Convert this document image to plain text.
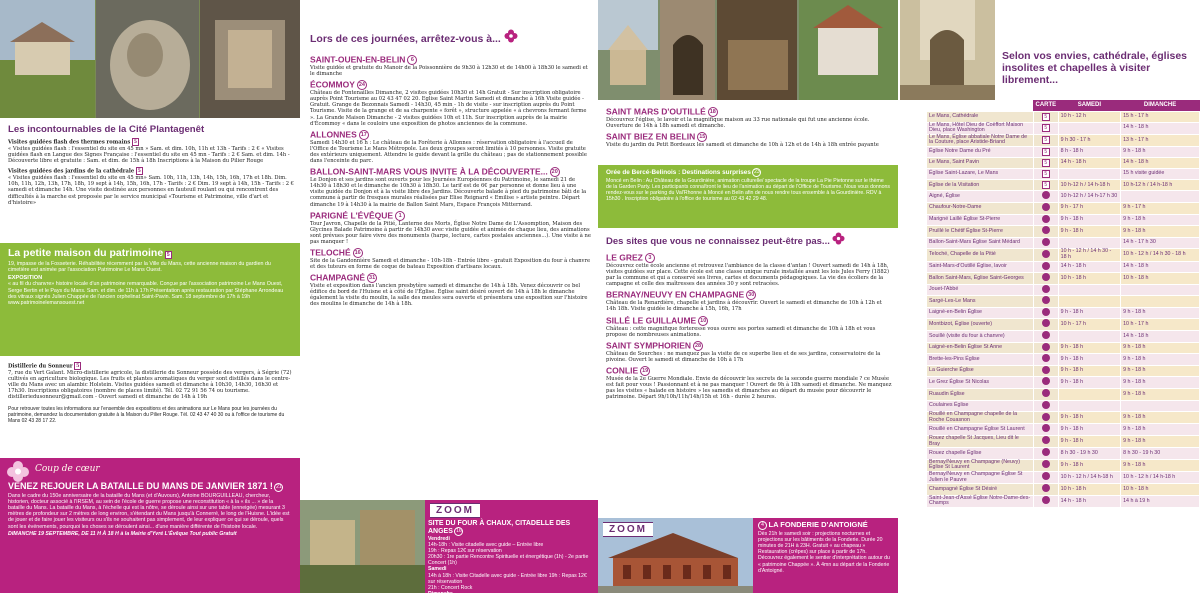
Les incontournables de la Cité Plantagenêt
Visites guidées flash des thermes romains 5
« Visites guidées flash : l'essentiel du site en 45 mn » Sam. et dim. 10h, 11h et 13h - Tarifs : 2 € « Visites guidées flash en Langue des Signes Française : l'essentiel du site en 45 mn - Tarifs : 2 € Sam. et dim. 14h - Découverte libre et gratuite : Sam. et dim. de 15h à 18h Inscriptions à la Maison du Pilier Rouge
Visites guidées des jardins de la cathédrale 5
« Visites guidées flash : l'essentiel du site en 45 mn» Sam. 10h, 11h, 13h, 14h, 15h, 16h, 17h et 18h. Dim. 10h, 11h, 12h, 13h, 17h, 18h, 19 sept à 14h, 15h, 16h, 17h - Tarifs : 2 € Dim. 19 sept à 14h, 15h - Tarifs : 2 € samedi et dimanche 14h. Une visite destinée aux personnes en fauteuil roulant ou qui rencontrent des difficultés à la marche est proposée par le service municipal «Tourisme et Patrimoine, ville d'art et d'histoire»
La petite maison du patrimoine 5
19, impasse de la Fosseterie. Réhabilitée récemment par la Ville du Mans, cette ancienne maison du gardien du cimetière est animée par l'association Patrimoine Le Mans Ouest.
EXPOSITION
« au fil du chanvre» histoire locale d'un patrimoine remarquable. Conçue par l'association patrimoine Le Mans Ouest, Serge Bertin et le Pays du Mans. Sam. et dim. de 11h à 17h Présentation après restauration par Stéphane Arrondeau des vitraux signés Julien Chappée de l'ancien orphelinat Saint-Pavin. Sam. 18 septembre de 17h à 19h www.patrimoinelemansouest.net
Distillerie du Sonneur 5
7, rue du Vert Galant. Micro-distillerie agricole, la distillerie du Sonneur possède des vergers, à Ségrie (72) cultivés en agriculture biologique. Les fruits et plantes aromatiques du verger sont distillés dans le centre-ville du Mans avec un alambic Holstein. Visites guidées samedi et dimanche à 10h30, 14h30, 16h30 et 17h30. Inscriptions obligatoires (nombre de places limité). Tél. 02 72 91 56 74 ou tourisme. distilleriedusonneur@gmail.com - Ouvert samedi et dimanche de 14h à 19h
Pour retrouver toutes les informations sur l'ensemble des expositions et des animations sur Le Mans pour les journées du patrimoine, demandez la documentation gratuite à la Maison du Pilier Rouge. Tél. 02 43 47 40 30 ou à l'office de tourisme du Mans 02 43 28 17 22.
Coup de cœur
VENEZ REJOUER LA BATAILLE DU MANS DE JANVIER 1871 ! 21
Dans le cadre du 150e anniversaire de la bataille du Mans (et d'Auvours), Antoine BOURGUILLEAU, chercheur, historien, docteur associé à l'IRSEM, au sein de l'école de guerre propose une reconstitution « à la « ils ... » de la bataille du Mans. La bataille du Mans, à l'échelle qui est la nôtre, se déroule ainsi sur une table (enneigée) mesurant 3 mètres de profondeur sur 2 mètres de long environ, s'étendant du Mans jusqu'à Connerré, le long de l'Huisne. L'idée est de jouer et de faire jouer les visiteurs ou s'ils ne souhaitent pas simplement, de leur expliquer ce qui se déroule, quels sont les événements, pourquoi les choses se déroulent ainsi... d'une manière différente de l'histoire locale.
DIMANCHE 19 SEPTEMBRE, DE 11 H À 18 H à la Mairie d'Yvré L'Évêque Tout public Gratuit
Lors de ces journées, arrêtez-vous à...
SAINT-OUEN-EN-BELIN 6
Visite guidée et gratuite du Manoir de la Poissonnière de 9h30 à 12h30 et de 14h00 à 18h30 le samedi et le dimanche
ÉCOMMOY 24
Château de Fontenailles Dimanche, 2 visites guidées 10h30 et 14h Gratuit - Sur inscription obligatoire auprès Point Tourisme au 02 43 47 02 20. Eglise Saint Martin Samedi et dimanche à 16h Visite guidée - Gratuit. Grange de Bezonnais Samedi - 14h30, 45 min - 1h de visite - sur inscription auprès du Point Tourisme. Visite de la grange et de sa charpente « forêt », structure appelée « à chevrons fermant ferme ». La Grande Maison Dimanche - 2 visites guidées 10h et 11h. Sur inscription auprès de la mairie d'Écommoy « dans le couloirs une exposition de photos anciennes de la commune.
ALLONNES 17
Samedi 14h30 et 16 h : Le château de la Forêterie à Allonnes : réservation obligatoire à l'accueil de l'Office de Tourisme Le Mans Métropole. Les deux groupes seront limités à 10 personnes. Visite gratuite des extérieurs uniquement. Attendre le guide devant la grille du château ; pas de stationnement possible dans l'enceinte du parc.
BALLON-SAINT-MARS VOUS INVITE À LA DÉCOUVERTE... 20
Le Donjon et ses jardins sont ouverts pour les Journées Européennes du Patrimoine, le samedi 21 de 14h30 à 18h30 et le dimanche de 10h30 à 18h30. Le tarif est de 6€ par personne et donne lieu à une visite guidée du Donjon et à la visite libre des Jardins. Découverte balade à pied du patrimoine bâti de la commune à partir de fresques murales réalisées par Elise Reignard « Emilise » artiste peintre. Départ dimanche 19 à 14h30 à la mairie de Ballon Saint Mars, Espace François Mitterrand.
PARIGNÉ L'ÉVÊQUE 1
Tour Javron, Chapelle de la Pitié, Lanterne des Morts, Église Notre Dame de L'Assomption, Maison des Glycines Balade Patrimoine à partir de 14h30 avec visite guidée et animée de chaque lieu, des animations sont prévues pour faire vivre des monuments (harpe, lecture, cartes postales anciennes...). Une visite à ne pas manquer !
TELOCHÉ 16
Site de la Gandonnière Samedi et dimanche - 10h-18h - Entrée libre - gratuit Exposition du four à chanvre et des tuteurs en forme de coque de bateau Exposition d'artisans locaux.
CHAMPAGNÉ 31
Visite et exposition dans l'ancien presbytère samedi et dimanche de 14h à 18h. Venez découvrir ce bel édifice du bord de l'Huisne et à côté de l'Église. Église saint désiré ouvert de 14h à 18h le dimanche également la visite du moulin, la salle des meules sera ouverte et présentera une exposition sur l'histoire des moulins le dimanche de 14h à 18h.
ZOOM
SITE DU FOUR À CHAUX, CITADELLE DES ANGES 16
Vendredi
14h-18h : Visite citadelle avec guide – Entrée libre
19h : Repas 12€ sur réservation
20h30 : 1re partie Rencontre Spirituelle et énergétique (1h) - 2e partie Concert (1h)
Samedi
14h à 18h : Visite Citadelle avec guide - Entrée libre 19h : Repas 12€ sur réservation
21h : Concert Rock
Dimanche
14h à 18h : Visite Citadelle avec guide - Entrée libre 19h : Repas 12€ sur réservation
20h30 : Rencontre Spirituelle et énergétique - 1h
SAINT MARS D'OUTILLÉ 18
Découvrez l'église, le lavoir et la magnifique maison au 33 rue nationale qui fut une ancienne école. Ouverture de 14h à 18h samedi et dimanche.
SAINT BIEZ EN BELIN 15
Visite du jardin du Petit Bordeaux les samedi et dimanche de 10h à 12h et de 14h à 18h entrée payante
Orée de Bercé-Belinois : Destinations surprises 23
Moncé en Belin : Au Château de la Gourdinière, animation culturelle/ spectacle de la troupe La Pie Pietonne sur le thème de la Garden Party. Les participants connaîtront le lieu de l'animation au départ de l'Office de Tourisme. Nous vous donnons rendez-vous sur le parking du Val'Rhonne à Moncé en Belin afin de nous rendre tous ensemble à la Gourdinière. RDV à 15h30 . Inscription obligatoire à l'office de tourisme au 02 43 42 29 48.
Des sites que vous ne connaissez peut-être pas...
LE GREZ 3
Découvrez cette école ancienne et retrouvez l'ambiance de la classe d'antan ! Ouvert samedi de 14h à 18h, visites guidées sur place. Cette école est une classe unique rurale installée avant les lois Jules Ferry (1882) par la commune et qui a conservé ses livres, cartes et documents pédagogiques. La vie des écoliers de la campagne et celle des maîtresses des années 30 y sont retracées.
BERNAY/NEUVY EN CHAMPAGNE 30
Château de la Renardière, chapelle et jardins à découvrir. Ouvert le samedi et dimanche de 10h à 12h et 14h 18h. Visite guidée le dimanche à 15h, 16h, 17h
SILLÉ LE GUILLAUME 10
Château : cette magnifique forteresse vous ouvre ses portes samedi et dimanche de 10h à 18h et vous propose de nombreuses animations.
SAINT SYMPHORIEN 28
Château de Sourches : ne manquez pas la visite de ce superbe lieu et de ses jardins, conservatoire de la pivoine. Ouvert le samedi et dimanche de 10h à 17h
CONLIE 19
Musée de la 2e Guerre Mondiale. Envie de découvrir les secrets de la seconde guerre mondiale ? ce Musée est fait pour vous ! Passionnant et à ne pas manquer ! Ouvert de 9h à 18h samedi et dimanche. Ne manquez pas les visites « balade en histoire » les samedis et dimanches au départ du musée pour découvrir le patrimoine. Départ 9h/10h/11h/14h/15h et 16h - durée 2 heures.
ZOOM	4 LA FONDERIE D'ANTOIGNÉ
Dès 21h le samedi soir : projections nocturnes et projections sur les bâtiments de la Fonderie. Durée 20 minutes de 21H à 23H. Gratuit « au chapeau » Restauration (crêpes) sur place à partir de 17h. Découvrez également le sentier d'interprétation autour du « patrimoine Chappée ». À 4mn au départ de la Fonderie d'Antoigné.
Selon vos envies, cathédrale, églises insolites et chapelles à visiter librement...
	CARTE	SAMEDI	DIMANCHE
Le Mans, Cathédrale	5	10 h - 12 h	15 h - 17 h
Le Mans, Hôtel Dieu de Coëffort Maison Dieu, place Washington	5		14 h - 18 h
Le Mans, Église abbatiale Notre Dame de la Couture, place Aristide-Briand	5	9 h 30 - 17 h	13 h - 17 h
Église Notre Dame du Pré	5	8 h - 18 h	9 h - 18 h
Le Mans, Saint Pavin	5	14 h - 18 h	14 h - 18 h
Église Saint-Lazare, Le Mans	5		15 h visite guidée
Église de la Visitation	5	10 h-12 h / 14 h-18 h	10 h-12 h / 14 h-18 h
Aigné, Église		10 h-12 h / 14 h-17 h 30	
Chaufour-Notre-Dame		9 h - 17 h	9 h - 17 h
Marigné Laillé Église St-Pierre		9 h - 18 h	9 h - 18 h
Pruillé le Chétif Église St-Pierre		9 h - 18 h	9 h - 18 h
Ballon-Saint-Mars Église Saint Médard			14 h - 17 h 30
Teloché, Chapelle de la Pitié		10 h - 12 h / 14 h 30 - 18 h	10 h - 12 h / 14 h 30 - 18 h
Saint-Mars-d'Outillé Église, lavoir		14 h - 18 h	14 h - 18 h
Ballon Saint-Mars, Église Saint-Georges		10 h - 18 h	10 h - 18 h
Jouet-l'Abbé			
Sargé-Les-Le Mans			
Laigné-en-Belin Église		9 h - 18 h	9 h - 18 h
Montbizot, Église (ouverte)		10 h - 17 h	10 h - 17 h
Souillé (visite du four à chanvre)			14 h - 18 h
Laigné-en-Belin Église St Anne		9 h - 18 h	9 h - 18 h
Brette-les-Pins Église		9 h - 18 h	9 h - 18 h
La Guierche Église		9 h - 18 h	9 h - 18 h
Le Grez Église St Nicolas		9 h - 18 h	9 h - 18 h
Ruaudin Église			9 h - 18 h
Coulaines Église			
Rouillé en Champagne chapelle de la Roche Couasnon		9 h - 18 h	9 h - 18 h
Rouillé en Champagne Église St Laurent		9 h - 18 h	9 h - 18 h
Rouez chapelle St Jacques, Lieu dit le Bray		9 h - 18 h	9 h - 18 h
Rouez chapelle Église		8 h 30 - 19 h 30	8 h 30 - 19 h 30
Bernay/Neuvy en Champagne (Neuvy) Église St Laurent		9 h - 18 h	9 h - 18 h
Bernay/Neuvy en Champagne Église St Julien le Pauvre		10 h - 12 h / 14 h-18 h	10 h - 12 h / 14 h-18 h
Champagné Église St Désiré		10 h - 18 h	10 h - 18 h
Saint-Jean-d'Assé Église Notre-Dame-des-Champs		14 h - 18 h	14 h à 19 h
